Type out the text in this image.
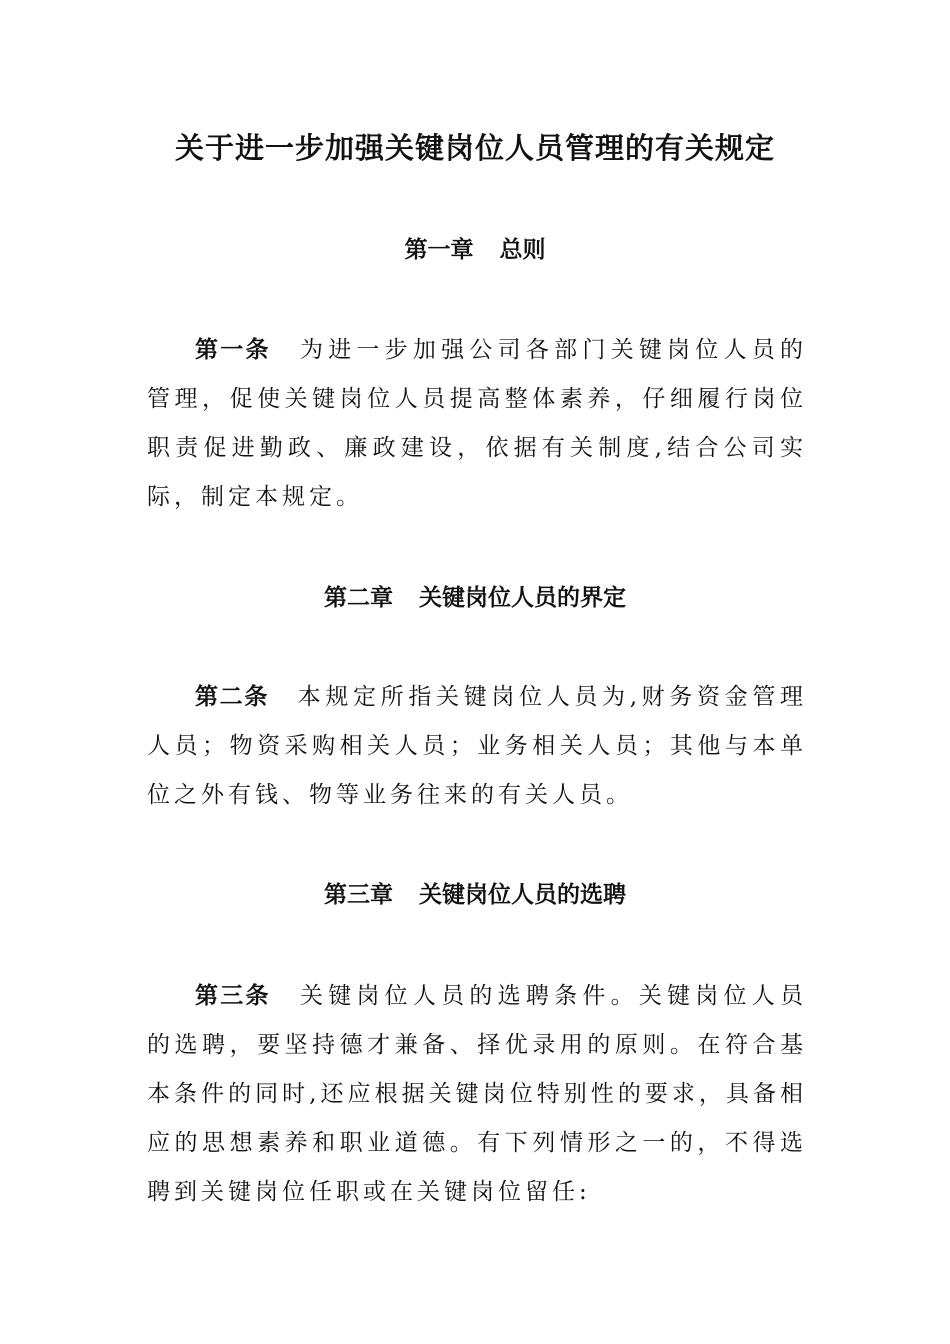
关于进一步加强关键岗位人员管理的有关规定
第一章 总则

第一条 为进一步加强公司各部门关键岗位人员的管理，促使关键岗位人员提高整体素养，仔细履行岗位职责促进勤政、廉政建设，依据有关制度,结合公司实际，制定本规定。

第二章 关键岗位人员的界定

第二条 本规定所指关键岗位人员为,财务资金管理人员；物资采购相关人员；业务相关人员；其他与本单位之外有钱、物等业务往来的有关人员。

第三章 关键岗位人员的选聘

第三条 关键岗位人员的选聘条件。关键岗位人员的选聘，要坚持德才兼备、择优录用的原则。在符合基本条件的同时,还应根据关键岗位特别性的要求，具备相应的思想素养和职业道德。有下列情形之一的，不得选聘到关键岗位任职或在关键岗位留任:
